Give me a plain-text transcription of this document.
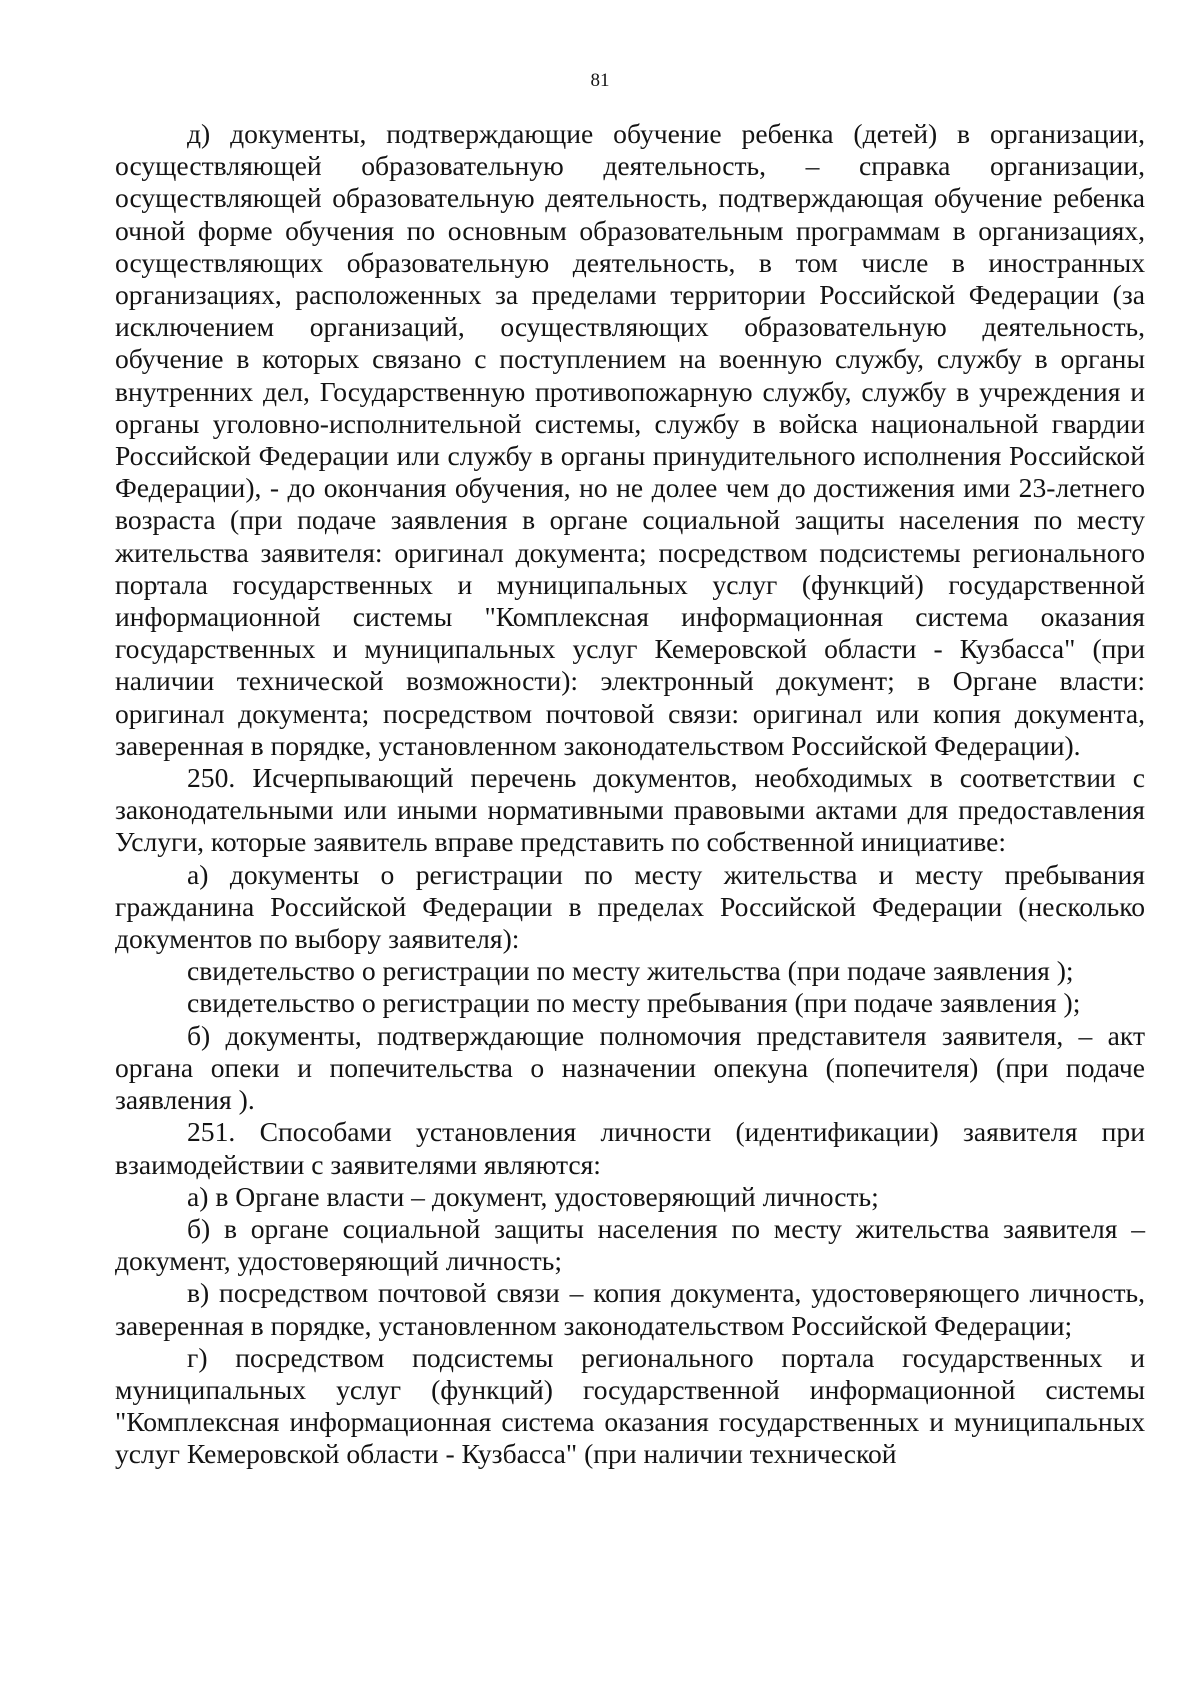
81

д) документы, подтверждающие обучение ребенка (детей) в организации, осуществляющей образовательную деятельность, – справка организации, осуществляющей образовательную деятельность, подтверждающая обучение ребенка очной форме обучения по основным образовательным программам в организациях, осуществляющих образовательную деятельность, в том числе в иностранных организациях, расположенных за пределами территории Российской Федерации (за исключением организаций, осуществляющих образовательную деятельность, обучение в которых связано с поступлением на военную службу, службу в органы внутренних дел, Государственную противопожарную службу, службу в учреждения и органы уголовно-исполнительной системы, службу в войска национальной гвардии Российской Федерации или службу в органы принудительного исполнения Российской Федерации), - до окончания обучения, но не долее чем до достижения ими 23-летнего возраста (при подаче заявления в органе социальной защиты населения по месту жительства заявителя: оригинал документа; посредством подсистемы регионального портала государственных и муниципальных услуг (функций) государственной информационной системы "Комплексная информационная система оказания государственных и муниципальных услуг Кемеровской области - Кузбасса" (при наличии технической возможности): электронный документ; в Органе власти: оригинал документа; посредством почтовой связи: оригинал или копия документа, заверенная в порядке, установленном законодательством Российской Федерации).

250. Исчерпывающий перечень документов, необходимых в соответствии с законодательными или иными нормативными правовыми актами для предоставления Услуги, которые заявитель вправе представить по собственной инициативе:

а) документы о регистрации по месту жительства и месту пребывания гражданина Российской Федерации в пределах Российской Федерации (несколько документов по выбору заявителя):

свидетельство о регистрации по месту жительства (при подаче заявления );

свидетельство о регистрации по месту пребывания (при подаче заявления );

б) документы, подтверждающие полномочия представителя заявителя, – акт органа опеки и попечительства о назначении опекуна (попечителя) (при подаче заявления ).

251. Способами установления личности (идентификации) заявителя при взаимодействии с заявителями являются:

а) в Органе власти – документ, удостоверяющий личность;

б) в органе социальной защиты населения по месту жительства заявителя – документ, удостоверяющий личность;

в) посредством почтовой связи – копия документа, удостоверяющего личность, заверенная в порядке, установленном законодательством Российской Федерации;

г) посредством подсистемы регионального портала государственных и муниципальных услуг (функций) государственной информационной системы "Комплексная информационная система оказания государственных и муниципальных услуг Кемеровской области - Кузбасса" (при наличии технической
